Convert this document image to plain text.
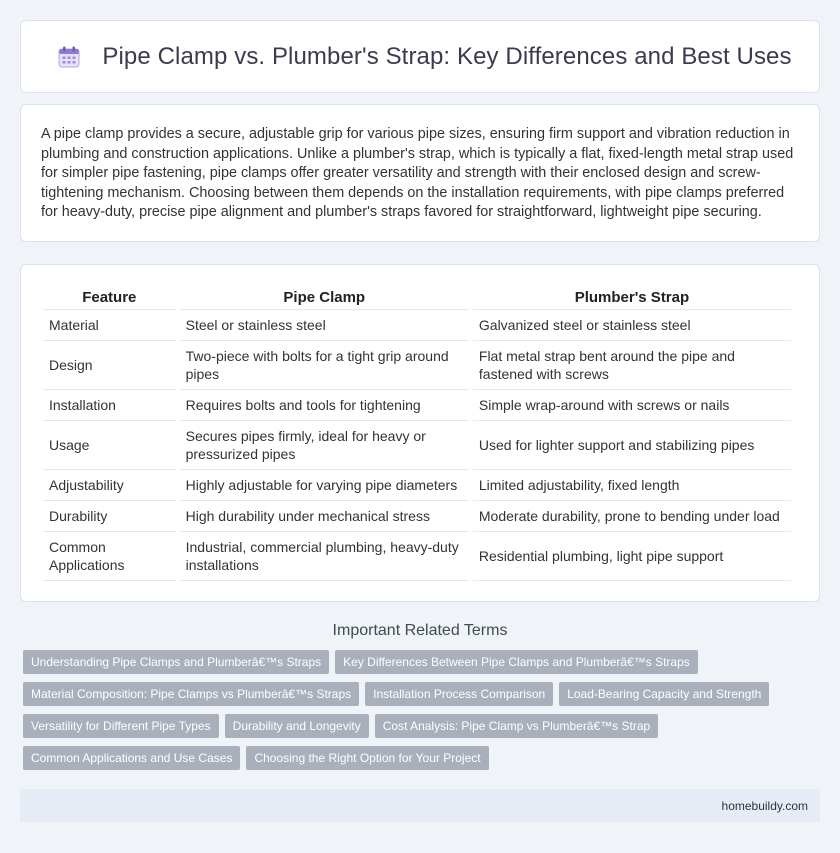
Pipe Clamp vs. Plumber's Strap: Key Differences and Best Uses

A pipe clamp provides a secure, adjustable grip for various pipe sizes, ensuring firm support and vibration reduction in plumbing and construction applications. Unlike a plumber's strap, which is typically a flat, fixed-length metal strap used for simpler pipe fastening, pipe clamps offer greater versatility and strength with their enclosed design and screw-tightening mechanism. Choosing between them depends on the installation requirements, with pipe clamps preferred for heavy-duty, precise pipe alignment and plumber's straps favored for straightforward, lightweight pipe securing.

Feature	Pipe Clamp	Plumber's Strap
Material	Steel or stainless steel	Galvanized steel or stainless steel
Design	Two-piece with bolts for a tight grip around pipes	Flat metal strap bent around the pipe and fastened with screws
Installation	Requires bolts and tools for tightening	Simple wrap-around with screws or nails
Usage	Secures pipes firmly, ideal for heavy or pressurized pipes	Used for lighter support and stabilizing pipes
Adjustability	Highly adjustable for varying pipe diameters	Limited adjustability, fixed length
Durability	High durability under mechanical stress	Moderate durability, prone to bending under load
Common Applications	Industrial, commercial plumbing, heavy-duty installations	Residential plumbing, light pipe support
Important Related Terms
Understanding Pipe Clamps and Plumberâ€™s Straps	Key Differences Between Pipe Clamps and Plumberâ€™s Straps
Material Composition: Pipe Clamps vs Plumberâ€™s Straps	Installation Process Comparison	Load-Bearing Capacity and Strength
Versatility for Different Pipe Types	Durability and Longevity	Cost Analysis: Pipe Clamp vs Plumberâ€™s Strap
Common Applications and Use Cases	Choosing the Right Option for Your Project
homebuildy.com
